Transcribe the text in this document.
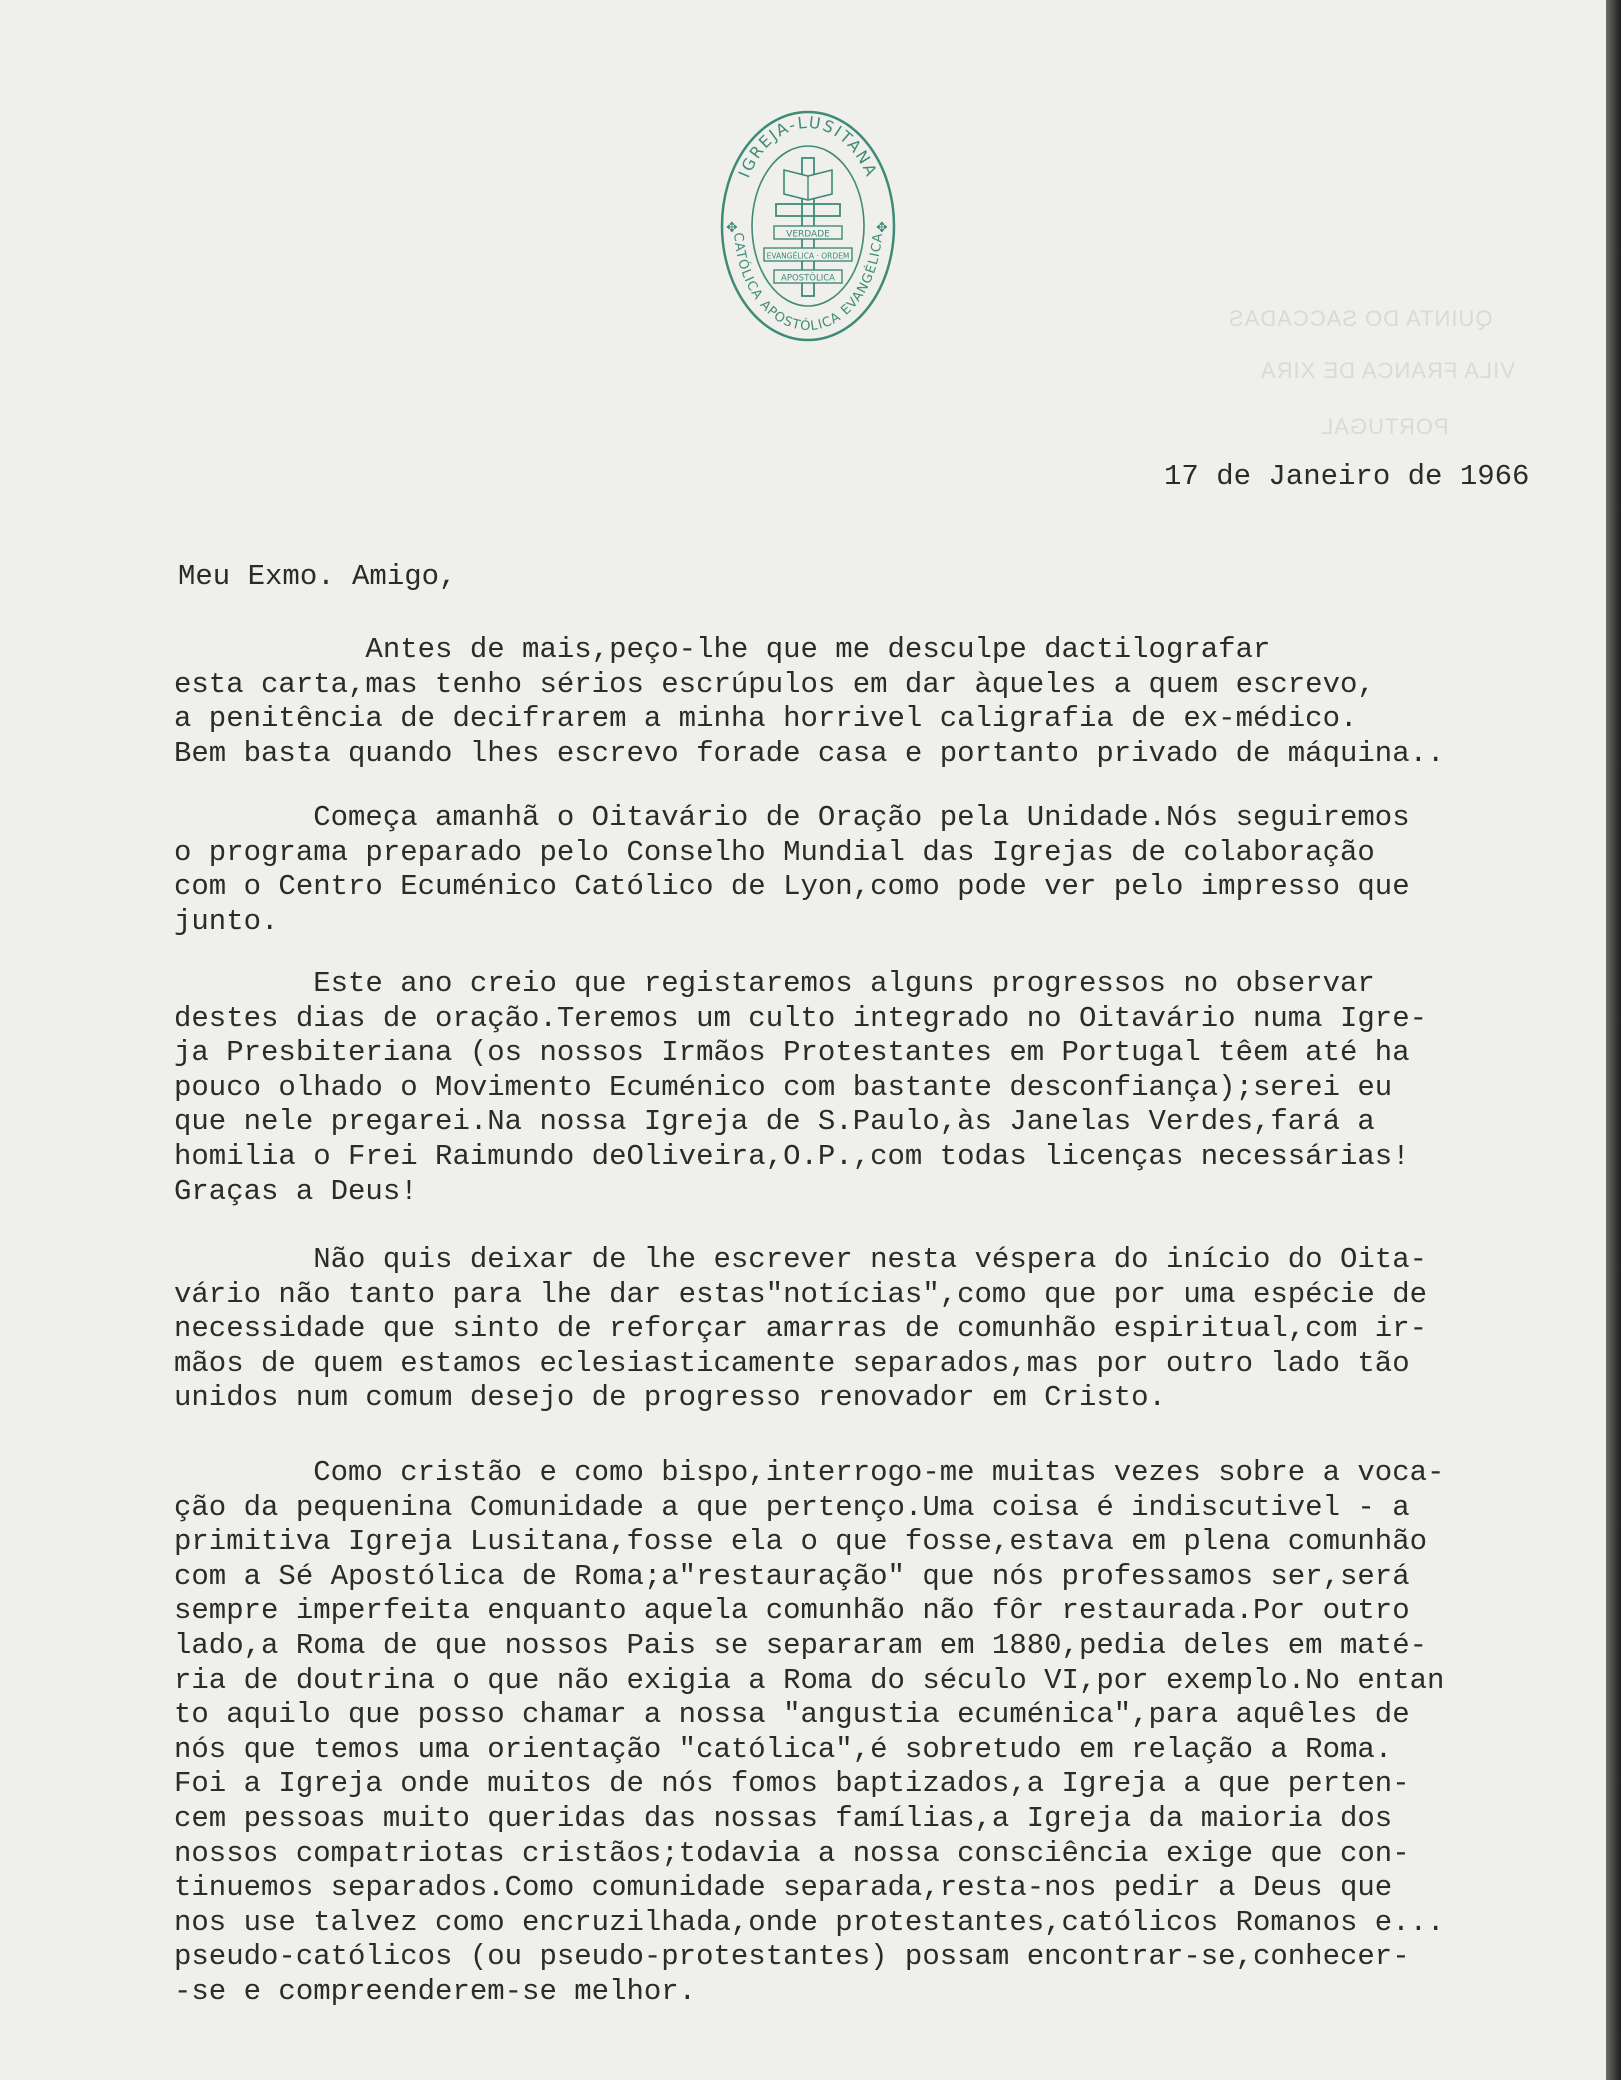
QUINTA DO SACCADAS
VILA FRANCA DE XIRA
PORTUGAL
IGREJA-LUSITANA
CATÓLICA APOSTÓLICA EVANGÉLICA
✥	✥
VERDADE
EVANGÉLICA · ORDEM
APOSTÓLICA
17 de Janeiro de 1966
Meu Exmo. Amigo,
Antes de mais,peço-lhe que me desculpe dactilografar
esta carta,mas tenho sérios escrúpulos em dar àqueles a quem escrevo,
a penitência de decifrarem a minha horrivel caligrafia de ex-médico.
Bem basta quando lhes escrevo forade casa e portanto privado de máquina..
Começa amanhã o Oitavário de Oração pela Unidade.Nós seguiremos
o programa preparado pelo Conselho Mundial das Igrejas de colaboração
com o Centro Ecuménico Católico de Lyon,como pode ver pelo impresso que
junto.
Este ano creio que registaremos alguns progressos no observar
destes dias de oração.Teremos um culto integrado no Oitavário numa Igre-
ja Presbiteriana (os nossos Irmãos Protestantes em Portugal têem até ha
pouco olhado o Movimento Ecuménico com bastante desconfiança);serei eu
que nele pregarei.Na nossa Igreja de S.Paulo,às Janelas Verdes,fará a
homilia o Frei Raimundo deOliveira,O.P.,com todas licenças necessárias!
Graças a Deus!
Não quis deixar de lhe escrever nesta véspera do início do Oita-
vário não tanto para lhe dar estas"notícias",como que por uma espécie de
necessidade que sinto de reforçar amarras de comunhão espiritual,com ir-
mãos de quem estamos eclesiasticamente separados,mas por outro lado tão
unidos num comum desejo de progresso renovador em Cristo.
Como cristão e como bispo,interrogo-me muitas vezes sobre a voca-
ção da pequenina Comunidade a que pertenço.Uma coisa é indiscutivel - a
primitiva Igreja Lusitana,fosse ela o que fosse,estava em plena comunhão
com a Sé Apostólica de Roma;a"restauração" que nós professamos ser,será
sempre imperfeita enquanto aquela comunhão não fôr restaurada.Por outro
lado,a Roma de que nossos Pais se separaram em 1880,pedia deles em maté-
ria de doutrina o que não exigia a Roma do século VI,por exemplo.No entan
to aquilo que posso chamar a nossa "angustia ecuménica",para aquêles de
nós que temos uma orientação "católica",é sobretudo em relação a Roma.
Foi a Igreja onde muitos de nós fomos baptizados,a Igreja a que perten-
cem pessoas muito queridas das nossas famílias,a Igreja da maioria dos
nossos compatriotas cristãos;todavia a nossa consciência exige que con-
tinuemos separados.Como comunidade separada,resta-nos pedir a Deus que
nos use talvez como encruzilhada,onde protestantes,católicos Romanos e...
pseudo-católicos (ou pseudo-protestantes) possam encontrar-se,conhecer-
-se e compreenderem-se melhor.
